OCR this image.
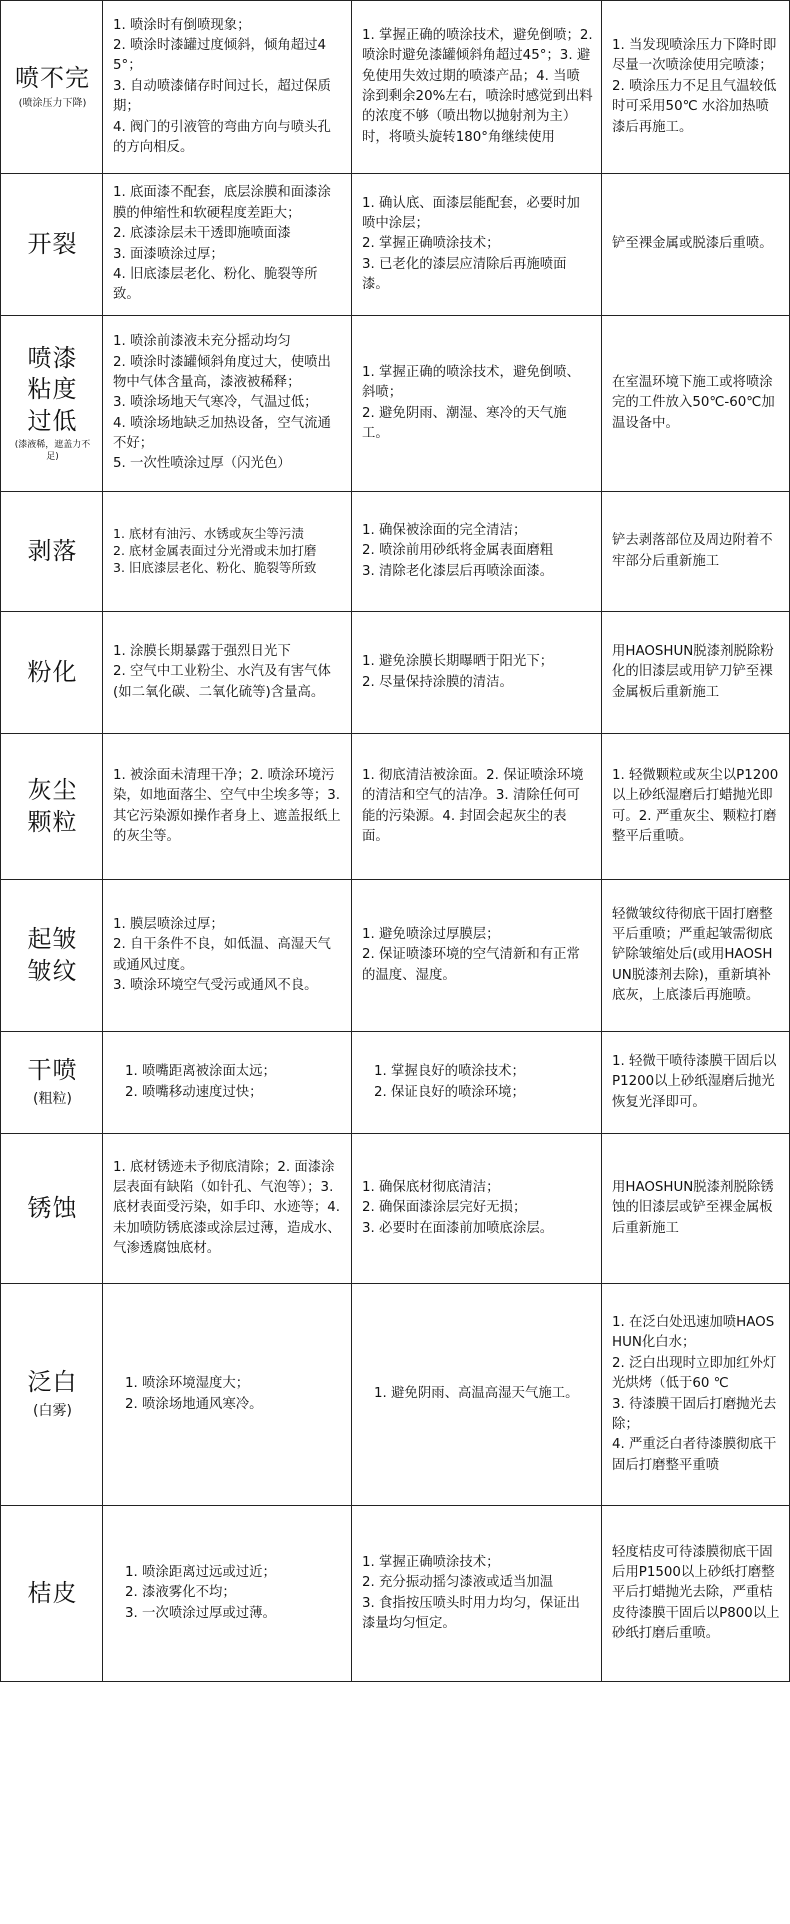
喷不完
(喷涂压力下降)	1. 喷涂时有倒喷现象；
2. 喷涂时漆罐过度倾斜，倾角超过45°；
3. 自动喷漆储存时间过长，超过保质期；
4. 阀门的引液管的弯曲方向与喷头孔的方向相反。	1. 掌握正确的喷涂技术，避免倒喷；2. 喷涂时避免漆罐倾斜角超过45°；3. 避免使用失效过期的喷漆产品；4. 当喷涂到剩余20%左右，喷涂时感觉到出料的浓度不够（喷出物以抛射剂为主）时，将喷头旋转180°角继续使用	1. 当发现喷涂压力下降时即尽量一次喷涂使用完喷漆；
2. 喷涂压力不足且气温较低时可采用50℃ 水浴加热喷漆后再施工。

开裂	1. 底面漆不配套，底层涂膜和面漆涂膜的伸缩性和软硬程度差距大；
2. 底漆涂层未干透即施喷面漆
3. 面漆喷涂过厚；
4. 旧底漆层老化、粉化、脆裂等所致。	1. 确认底、面漆层能配套，必要时加喷中涂层；
2. 掌握正确喷涂技术；
3. 已老化的漆层应清除后再施喷面漆。	铲至裸金属或脱漆后重喷。

喷漆粘度过低
(漆液稀，遮盖力不足)	1. 喷涂前漆液未充分摇动均匀
2. 喷涂时漆罐倾斜角度过大，使喷出物中气体含量高，漆液被稀释；
3. 喷涂场地天气寒冷，气温过低；
4. 喷涂场地缺乏加热设备，空气流通不好；
5. 一次性喷涂过厚（闪光色）	1. 掌握正确的喷涂技术，避免倒喷、斜喷；
2. 避免阴雨、潮湿、寒冷的天气施工。	在室温环境下施工或将喷涂完的工件放入50℃-60℃加温设备中。

剥落	1. 底材有油污、水锈或灰尘等污渍
2. 底材金属表面过分光滑或未加打磨
3. 旧底漆层老化、粉化、脆裂等所致	1. 确保被涂面的完全清洁；
2. 喷涂前用砂纸将金属表面磨粗
3. 清除老化漆层后再喷涂面漆。	铲去剥落部位及周边附着不牢部分后重新施工

粉化	1. 涂膜长期暴露于强烈日光下
2. 空气中工业粉尘、水汽及有害气体(如二氧化碳、二氧化硫等)含量高。	1. 避免涂膜长期曝晒于阳光下；
2. 尽量保持涂膜的清洁。	用HAOSHUN脱漆剂脱除粉化的旧漆层或用铲刀铲至裸金属板后重新施工

灰尘颗粒	1. 被涂面未清理干净；2. 喷涂环境污染，如地面落尘、空气中尘埃多等；3. 其它污染源如操作者身上、遮盖报纸上的灰尘等。	1. 彻底清洁被涂面。2. 保证喷涂环境的清洁和空气的洁净。3. 清除任何可能的污染源。4. 封固会起灰尘的表面。	1. 轻微颗粒或灰尘以P1200以上砂纸湿磨后打蜡抛光即可。2. 严重灰尘、颗粒打磨整平后重喷。

起皱皱纹	1. 膜层喷涂过厚；
2. 自干条件不良，如低温、高湿天气或通风过度。
3. 喷涂环境空气受污或通风不良。	1. 避免喷涂过厚膜层；
2. 保证喷漆环境的空气清新和有正常的温度、湿度。	轻微皱纹待彻底干固打磨整平后重喷；严重起皱需彻底铲除皱缩处后(或用HAOSHUN脱漆剂去除)，重新填补底灰，上底漆后再施喷。

干喷
(粗粒)	1. 喷嘴距离被涂面太远；
2. 喷嘴移动速度过快；	1. 掌握良好的喷涂技术；
2. 保证良好的喷涂环境；	1. 轻微干喷待漆膜干固后以P1200以上砂纸湿磨后抛光恢复光泽即可。

锈蚀	1. 底材锈迹未予彻底清除；2. 面漆涂层表面有缺陷（如针孔、气泡等）；3. 底材表面受污染，如手印、水迹等；4. 未加喷防锈底漆或涂层过薄，造成水、气渗透腐蚀底材。	1. 确保底材彻底清洁；
2. 确保面漆涂层完好无损；
3. 必要时在面漆前加喷底涂层。	用HAOSHUN脱漆剂脱除锈蚀的旧漆层或铲至裸金属板后重新施工

泛白
(白雾)	1. 喷涂环境湿度大；
2. 喷涂场地通风寒冷。	1. 避免阴雨、高温高湿天气施工。	1. 在泛白处迅速加喷HAOSHUN化白水；
2. 泛白出现时立即加红外灯光烘烤（低于60 ℃
3. 待漆膜干固后打磨抛光去除；
4. 严重泛白者待漆膜彻底干固后打磨整平重喷

桔皮	1. 喷涂距离过远或过近；
2. 漆液雾化不均；
3. 一次喷涂过厚或过薄。	1. 掌握正确喷涂技术；
2. 充分振动摇匀漆液或适当加温
3. 食指按压喷头时用力均匀，保证出漆量均匀恒定。	轻度桔皮可待漆膜彻底干固后用P1500以上砂纸打磨整平后打蜡抛光去除，严重桔皮待漆膜干固后以P800以上砂纸打磨后重喷。
